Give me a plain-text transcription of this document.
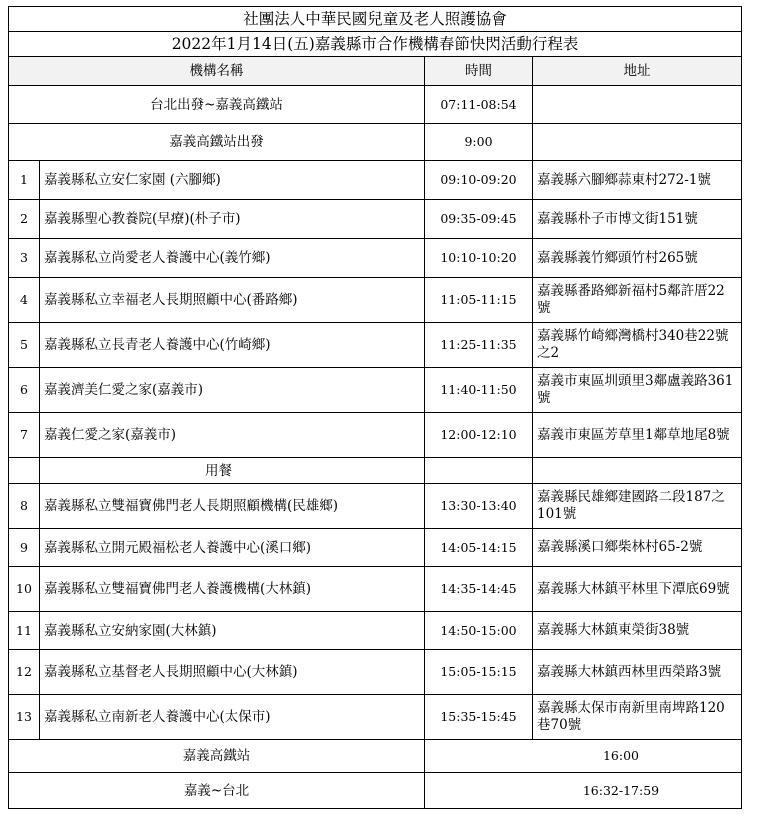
社團法人中華民國兒童及老人照護協會			
2022年1月14日(五)嘉義縣市合作機構春節快閃活動行程表			
機構名稱		時間	地址
台北出發~嘉義高鐵站		07:11-08:54	
嘉義高鐵站出發		9:00	
1	嘉義縣私立安仁家園 (六腳鄉)	09:10-09:20	嘉義縣六腳鄉蒜東村272-1號
2	嘉義縣聖心教養院(早療)(朴子市)	09:35-09:45	嘉義縣朴子市博文街151號
3	嘉義縣私立尚愛老人養護中心(義竹鄉)	10:10-10:20	嘉義縣義竹鄉頭竹村265號
4	嘉義縣私立幸福老人長期照顧中心(番路鄉)	11:05-11:15	嘉義縣番路鄉新福村5鄰許厝22號
5	嘉義縣私立長青老人養護中心(竹崎鄉)	11:25-11:35	嘉義縣竹崎鄉灣橋村340巷22號之2
6	嘉義濟美仁愛之家(嘉義市)	11:40-11:50	嘉義市東區圳頭里3鄰盧義路361號
7	嘉義仁愛之家(嘉義市)	12:00-12:10	嘉義市東區芳草里1鄰草地尾8號
	用餐		
8	嘉義縣私立雙福寶佛門老人長期照顧機構(民雄鄉)	13:30-13:40	嘉義縣民雄鄉建國路二段187之101號
9	嘉義縣私立開元殿福松老人養護中心(溪口鄉)	14:05-14:15	嘉義縣溪口鄉柴林村65-2號
10	嘉義縣私立雙福寶佛門老人養護機構(大林鎮)	14:35-14:45	嘉義縣大林鎮平林里下潭底69號
11	嘉義縣私立安納家園(大林鎮)	14:50-15:00	嘉義縣大林鎮東榮街38號
12	嘉義縣私立基督老人長期照顧中心(大林鎮)	15:05-15:15	嘉義縣大林鎮西林里西榮路3號
13	嘉義縣私立南新老人養護中心(太保市)	15:35-15:45	嘉義縣太保市南新里南埤路120巷70號
嘉義高鐵站		16:00	
嘉義~台北		16:32-17:59	
